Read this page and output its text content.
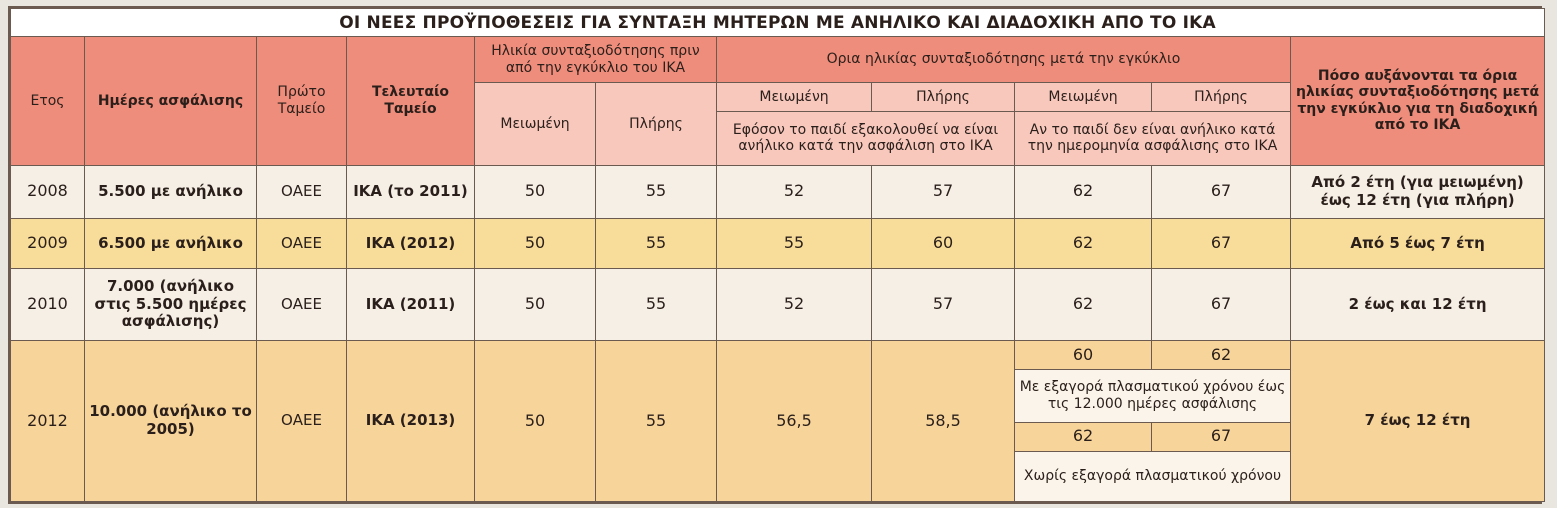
ΟΙ ΝΕΕΣ ΠΡΟΫΠΟΘΕΣΕΙΣ ΓΙΑ ΣΥΝΤΑΞΗ ΜΗΤΕΡΩΝ ΜΕ ΑΝΗΛΙΚΟ ΚΑΙ ΔΙΑΔΟΧΙΚΗ ΑΠΟ ΤΟ ΙΚΑ										
Ετος	Ημέρες ασφάλισης	Πρώτο Ταμείο	Τελευταίο Ταμείο	Ηλικία συνταξιοδότησης πριν από την εγκύκλιο του ΙΚΑ		Ορια ηλικίας συνταξιοδότησης μετά την εγκύκλιο				Πόσο αυξάνονται τα όρια ηλικίας συνταξιοδότησης μετά την εγκύκλιο για τη διαδοχική από το ΙΚΑ
				Μειωμένη	Πλήρης	Μειωμένη	Πλήρης	Μειωμένη	Πλήρης	
						Εφόσον το παιδί εξακολουθεί να είναι ανήλικο κατά την ασφάλιση στο ΙΚΑ		Αν το παιδί δεν είναι ανήλικο κατά την ημερομηνία ασφάλισης στο ΙΚΑ		
2008	5.500 με ανήλικο	ΟΑΕΕ	ΙΚΑ (το 2011)	50	55	52	57	62	67	Από 2 έτη (για μειωμένη) έως 12 έτη (για πλήρη)
2009	6.500 με ανήλικο	ΟΑΕΕ	ΙΚΑ (2012)	50	55	55	60	62	67	Από 5 έως 7 έτη
2010	7.000 (ανήλικο στις 5.500 ημέρες ασφάλισης)	ΟΑΕΕ	ΙΚΑ (2011)	50	55	52	57	62	67	2 έως και 12 έτη
2012	10.000 (ανήλικο το 2005)	ΟΑΕΕ	ΙΚΑ (2013)	50	55	56,5	58,5	60	62	7 έως 12 έτη
								Με εξαγορά πλασματικού χρόνου έως τις 12.000 ημέρες ασφάλισης		
								62	67	
								Χωρίς εξαγορά πλασματικού χρόνου		
